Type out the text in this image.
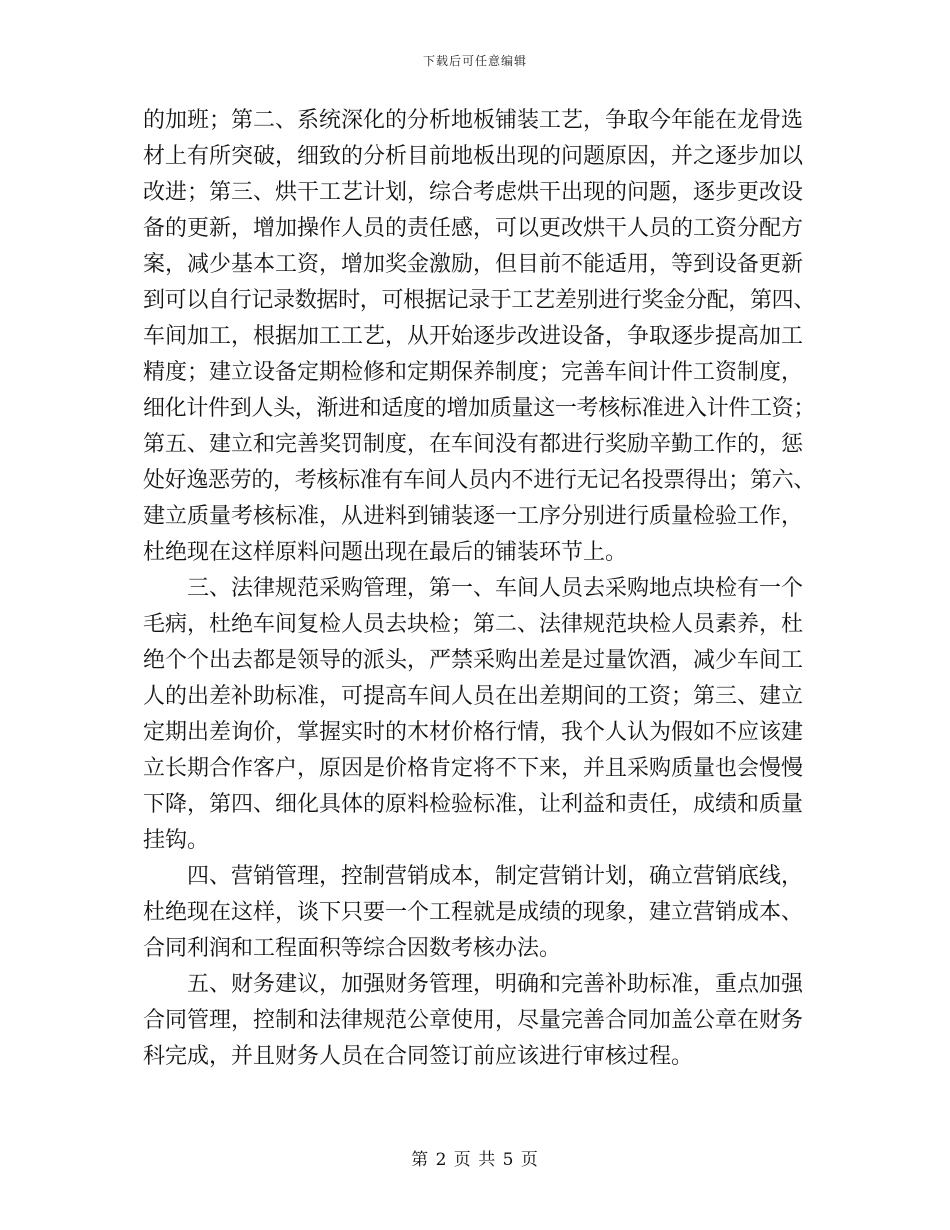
下载后可任意编辑
的加班；第二、系统深化的分析地板铺装工艺，争取今年能在龙骨选
材上有所突破，细致的分析目前地板出现的问题原因，并之逐步加以
改进；第三、烘干工艺计划，综合考虑烘干出现的问题，逐步更改设
备的更新，增加操作人员的责任感，可以更改烘干人员的工资分配方
案，减少基本工资，增加奖金激励，但目前不能适用，等到设备更新
到可以自行记录数据时，可根据记录于工艺差别进行奖金分配，第四、
车间加工，根据加工工艺，从开始逐步改进设备，争取逐步提高加工
精度；建立设备定期检修和定期保养制度；完善车间计件工资制度，
细化计件到人头，渐进和适度的增加质量这一考核标准进入计件工资；
第五、建立和完善奖罚制度，在车间没有都进行奖励辛勤工作的，惩
处好逸恶劳的，考核标准有车间人员内不进行无记名投票得出；第六、
建立质量考核标准，从进料到铺装逐一工序分别进行质量检验工作，
杜绝现在这样原料问题出现在最后的铺装环节上。
三、法律规范采购管理，第一、车间人员去采购地点块检有一个
毛病，杜绝车间复检人员去块检；第二、法律规范块检人员素养，杜
绝个个出去都是领导的派头，严禁采购出差是过量饮酒，减少车间工
人的出差补助标准，可提高车间人员在出差期间的工资；第三、建立
定期出差询价，掌握实时的木材价格行情，我个人认为假如不应该建
立长期合作客户，原因是价格肯定将不下来，并且采购质量也会慢慢
下降，第四、细化具体的原料检验标准，让利益和责任，成绩和质量
挂钩。
四、营销管理，控制营销成本，制定营销计划，确立营销底线，
杜绝现在这样，谈下只要一个工程就是成绩的现象，建立营销成本、
合同利润和工程面积等综合因数考核办法。
五、财务建议，加强财务管理，明确和完善补助标准，重点加强
合同管理，控制和法律规范公章使用，尽量完善合同加盖公章在财务
科完成，并且财务人员在合同签订前应该进行审核过程。
第 2 页 共 5 页
